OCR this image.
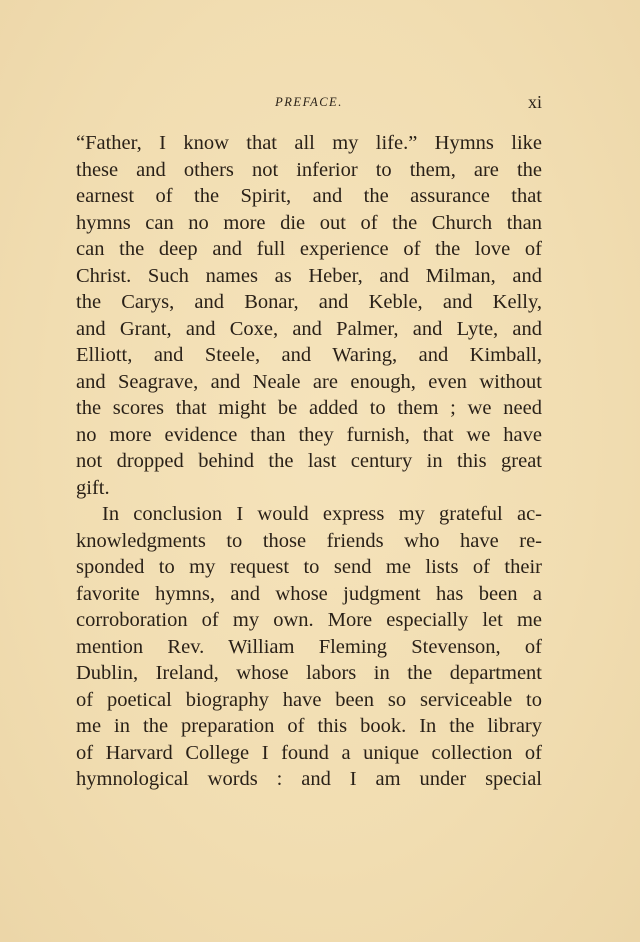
PREFACE.	xi
“Father, I know that all my life.” Hymns like
these and others not inferior to them, are the
earnest of the Spirit, and the assurance that
hymns can no more die out of the Church than
can the deep and full experience of the love of
Christ. Such names as Heber, and Milman, and
the Carys, and Bonar, and Keble, and Kelly,
and Grant, and Coxe, and Palmer, and Lyte, and
Elliott, and Steele, and Waring, and Kimball,
and Seagrave, and Neale are enough, even without
the scores that might be added to them ; we need
no more evidence than they furnish, that we have
not dropped behind the last century in this great
gift.
In conclusion I would express my grateful ac-
knowledgments to those friends who have re-
sponded to my request to send me lists of their
favorite hymns, and whose judgment has been a
corroboration of my own. More especially let me
mention Rev. William Fleming Stevenson, of
Dublin, Ireland, whose labors in the department
of poetical biography have been so serviceable to
me in the preparation of this book. In the library
of Harvard College I found a unique collection of
hymnological words : and I am under special
